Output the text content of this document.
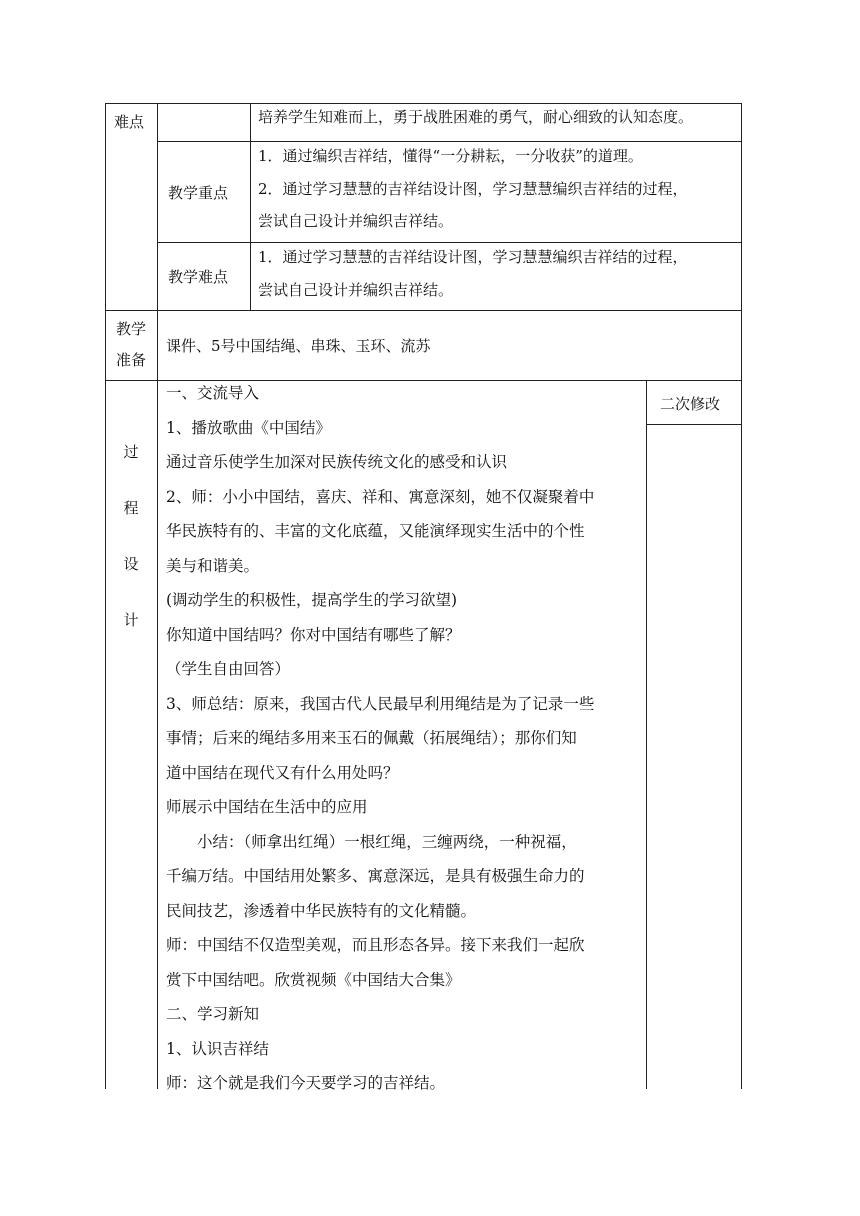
难点	培养学生知难而上，勇于战胜困难的勇气，耐心细致的认知态度。
教学重点
1．通过编织吉祥结，懂得“一分耕耘，一分收获”的道理。
2．通过学习慧慧的吉祥结设计图，学习慧慧编织吉祥结的过程，
尝试自己设计并编织吉祥结。
教学难点
1．通过学习慧慧的吉祥结设计图，学习慧慧编织吉祥结的过程，
尝试自己设计并编织吉祥结。
教学
准备
课件、5号中国结绳、串珠、玉环、流苏
过
程
设
计
二次修改
一、交流导入
1、播放歌曲《中国结》
通过音乐使学生加深对民族传统文化的感受和认识
2、师：小小中国结，喜庆、祥和、寓意深刻，她不仅凝聚着中
华民族特有的、丰富的文化底蕴，又能演绎现实生活中的个性
美与和谐美。
(调动学生的积极性，提高学生的学习欲望)
你知道中国结吗？你对中国结有哪些了解？
（学生自由回答）
3、师总结：原来，我国古代人民最早利用绳结是为了记录一些
事情；后来的绳结多用来玉石的佩戴（拓展绳结）；那你们知
道中国结在现代又有什么用处吗？
师展示中国结在生活中的应用
　　小结：（师拿出红绳）一根红绳，三缠两绕，一种祝福，
千编万结。中国结用处繁多、寓意深远，是具有极强生命力的
民间技艺，渗透着中华民族特有的文化精髓。
师：中国结不仅造型美观，而且形态各异。接下来我们一起欣
赏下中国结吧。欣赏视频《中国结大合集》
二、学习新知
1、认识吉祥结
师：这个就是我们今天要学习的吉祥结。
